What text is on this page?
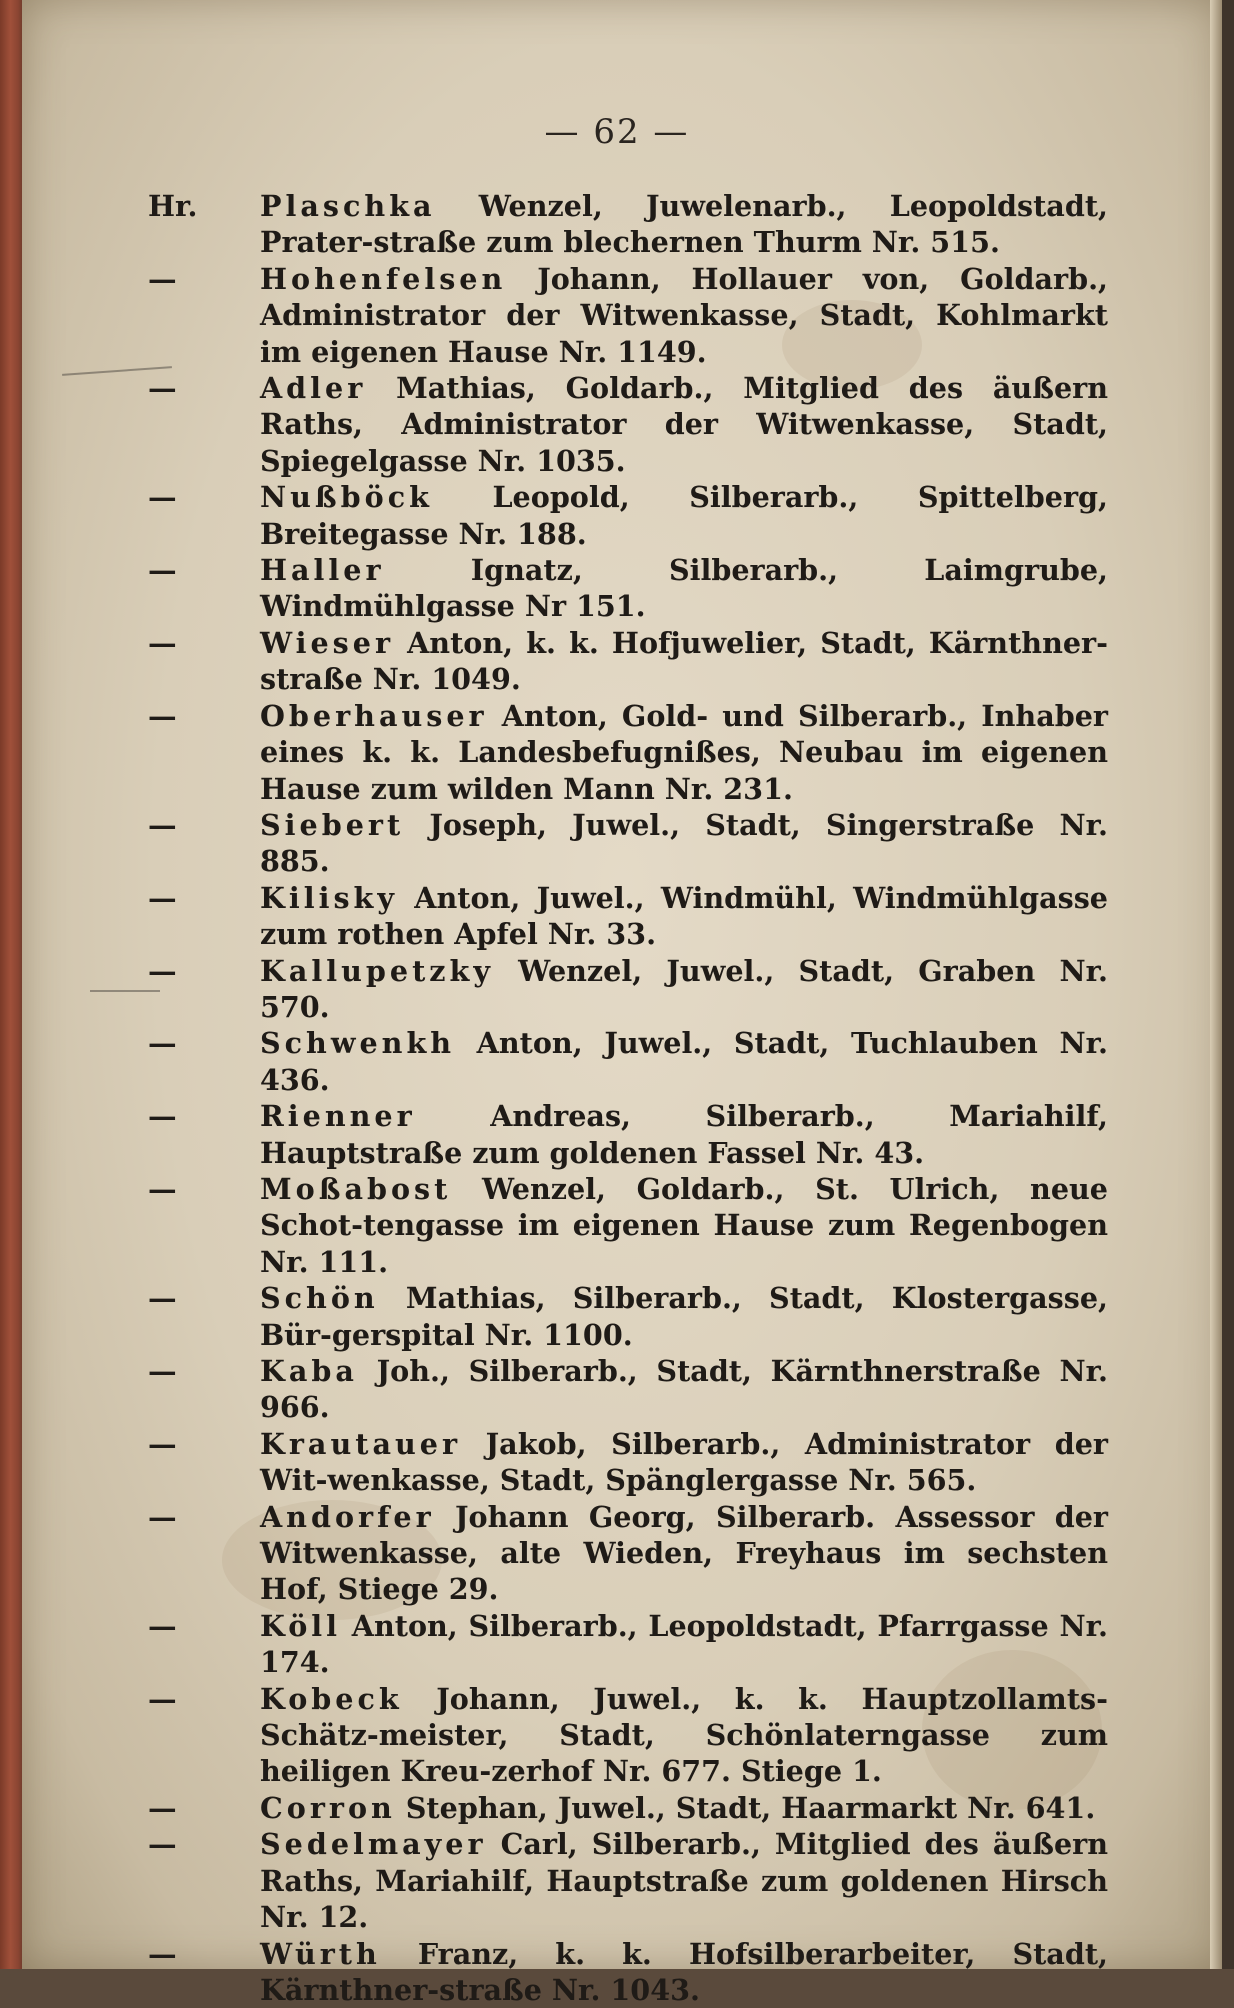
— 62 —
Hr.	Plaschka Wenzel, Juwelenarb., Leopoldstadt, Prater-straße zum blechernen Thurm Nr. 515.
—	Hohenfelsen Johann, Hollauer von, Goldarb., Administrator der Witwenkasse, Stadt, Kohlmarkt im eigenen Hause Nr. 1149.
—	Adler Mathias, Goldarb., Mitglied des äußern Raths, Administrator der Witwenkasse, Stadt, Spiegelgasse Nr. 1035.
—	Nußböck Leopold, Silberarb., Spittelberg, Breitegasse Nr. 188.
—	Haller Ignatz, Silberarb., Laimgrube, Windmühlgasse Nr 151.
—	Wieser Anton, k. k. Hofjuwelier, Stadt, Kärnthner-straße Nr. 1049.
—	Oberhauser Anton, Gold- und Silberarb., Inhaber eines k. k. Landesbefugnißes, Neubau im eigenen Hause zum wilden Mann Nr. 231.
—	Siebert Joseph, Juwel., Stadt, Singerstraße Nr. 885.
—	Kilisky Anton, Juwel., Windmühl, Windmühlgasse zum rothen Apfel Nr. 33.
—	Kallupetzky Wenzel, Juwel., Stadt, Graben Nr. 570.
—	Schwenkh Anton, Juwel., Stadt, Tuchlauben Nr. 436.
—	Rienner Andreas, Silberarb., Mariahilf, Hauptstraße zum goldenen Fassel Nr. 43.
—	Moßabost Wenzel, Goldarb., St. Ulrich, neue Schot-tengasse im eigenen Hause zum Regenbogen Nr. 111.
—	Schön Mathias, Silberarb., Stadt, Klostergasse, Bür-gerspital Nr. 1100.
—	Kaba Joh., Silberarb., Stadt, Kärnthnerstraße Nr. 966.
—	Krautauer Jakob, Silberarb., Administrator der Wit-wenkasse, Stadt, Spänglergasse Nr. 565.
—	Andorfer Johann Georg, Silberarb. Assessor der Witwenkasse, alte Wieden, Freyhaus im sechsten Hof, Stiege 29.
—	Köll Anton, Silberarb., Leopoldstadt, Pfarrgasse Nr. 174.
—	Kobeck Johann, Juwel., k. k. Hauptzollamts-Schätz-meister, Stadt, Schönlaterngasse zum heiligen Kreu-zerhof Nr. 677. Stiege 1.
—	Corron Stephan, Juwel., Stadt, Haarmarkt Nr. 641.
—	Sedelmayer Carl, Silberarb., Mitglied des äußern Raths, Mariahilf, Hauptstraße zum goldenen Hirsch Nr. 12.
—	Würth Franz, k. k. Hofsilberarbeiter, Stadt, Kärnthner-straße Nr. 1043.
